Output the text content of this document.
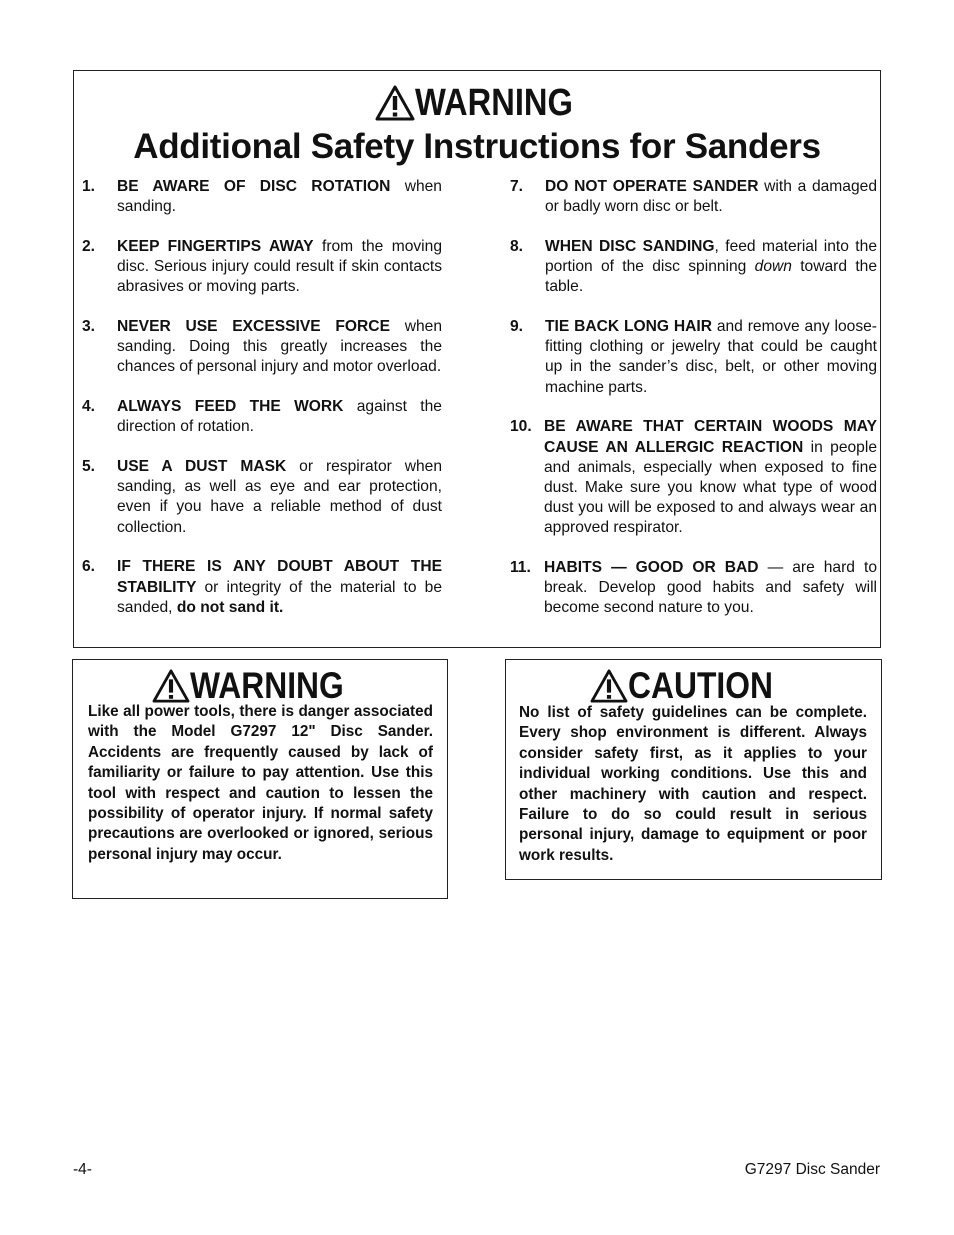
WARNING
Additional Safety Instructions for Sanders
1.	BE AWARE OF DISC ROTATION when sanding.
2.	KEEP FINGERTIPS AWAY from the moving disc. Serious injury could result if skin contacts abrasives or moving parts.
3.	NEVER USE EXCESSIVE FORCE when sanding. Doing this greatly increases the chances of personal injury and motor overload.
4.	ALWAYS FEED THE WORK against the direction of rotation.
5.	USE A DUST MASK or respirator when sanding, as well as eye and ear protection, even if you have a reliable method of dust collection.
6.	IF THERE IS ANY DOUBT ABOUT THE STABILITY or integrity of the material to be sanded, do not sand it.
7.	DO NOT OPERATE SANDER with a damaged or badly worn disc or belt.
8.	WHEN DISC SANDING, feed material into the portion of the disc spinning down toward the table.
9.	TIE BACK LONG HAIR and remove any loose-fitting clothing or jewelry that could be caught up in the sander’s disc, belt, or other moving machine parts.
10. BE AWARE THAT CERTAIN WOODS MAY CAUSE AN ALLERGIC REACTION in people and animals, especially when exposed to fine dust. Make sure you know what type of wood dust you will be exposed to and always wear an approved respirator.
11. HABITS — GOOD OR BAD — are hard to break. Develop good habits and safety will become second nature to you.
WARNING
Like all power tools, there is danger associated with the Model G7297 12" Disc Sander. Accidents are frequently caused by lack of familiarity or failure to pay attention. Use this tool with respect and caution to lessen the possibility of operator injury. If normal safety precautions are overlooked or ignored, serious personal injury may occur.
CAUTION
No list of safety guidelines can be complete. Every shop environment is different. Always consider safety first, as it applies to your individual working conditions. Use this and other machinery with caution and respect. Failure to do so could result in serious personal injury, damage to equipment or poor work results.
-4-	G7297 Disc Sander
